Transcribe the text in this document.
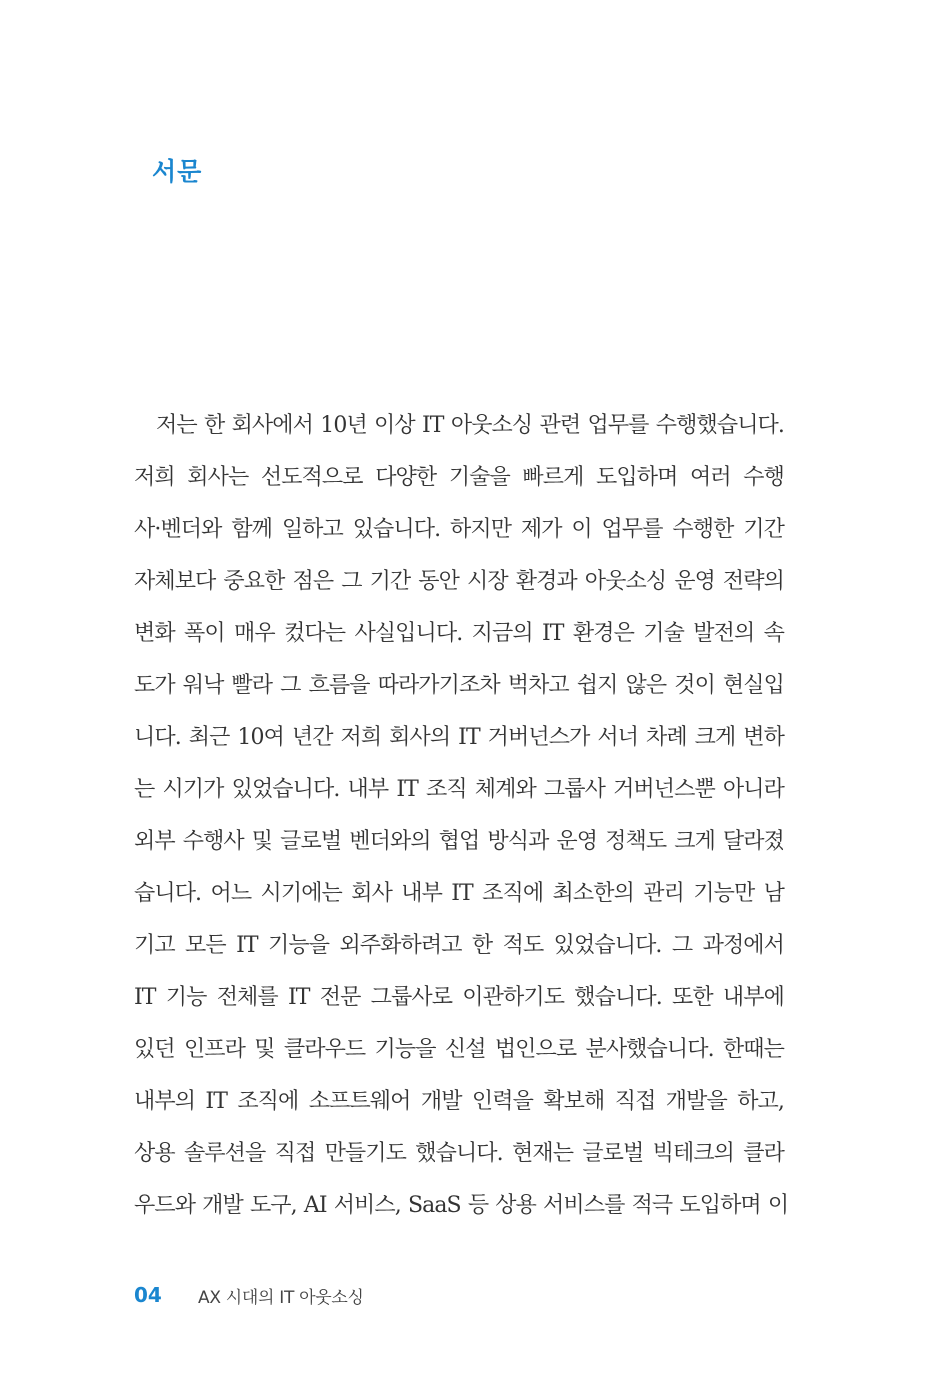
서문
저는 한 회사에서 10년 이상 IT 아웃소싱 관련 업무를 수행했습니다.
저희 회사는 선도적으로 다양한 기술을 빠르게 도입하며 여러 수행
사·벤더와 함께 일하고 있습니다. 하지만 제가 이 업무를 수행한 기간
자체보다 중요한 점은 그 기간 동안 시장 환경과 아웃소싱 운영 전략의
변화 폭이 매우 컸다는 사실입니다. 지금의 IT 환경은 기술 발전의 속
도가 워낙 빨라 그 흐름을 따라가기조차 벅차고 쉽지 않은 것이 현실입
니다. 최근 10여 년간 저희 회사의 IT 거버넌스가 서너 차례 크게 변하
는 시기가 있었습니다. 내부 IT 조직 체계와 그룹사 거버넌스뿐 아니라
외부 수행사 및 글로벌 벤더와의 협업 방식과 운영 정책도 크게 달라졌
습니다. 어느 시기에는 회사 내부 IT 조직에 최소한의 관리 기능만 남
기고 모든 IT 기능을 외주화하려고 한 적도 있었습니다. 그 과정에서
IT 기능 전체를 IT 전문 그룹사로 이관하기도 했습니다. 또한 내부에
있던 인프라 및 클라우드 기능을 신설 법인으로 분사했습니다. 한때는
내부의 IT 조직에 소프트웨어 개발 인력을 확보해 직접 개발을 하고,
상용 솔루션을 직접 만들기도 했습니다. 현재는 글로벌 빅테크의 클라
우드와 개발 도구, AI 서비스, SaaS 등 상용 서비스를 적극 도입하며 이
04	AX 시대의 IT 아웃소싱
